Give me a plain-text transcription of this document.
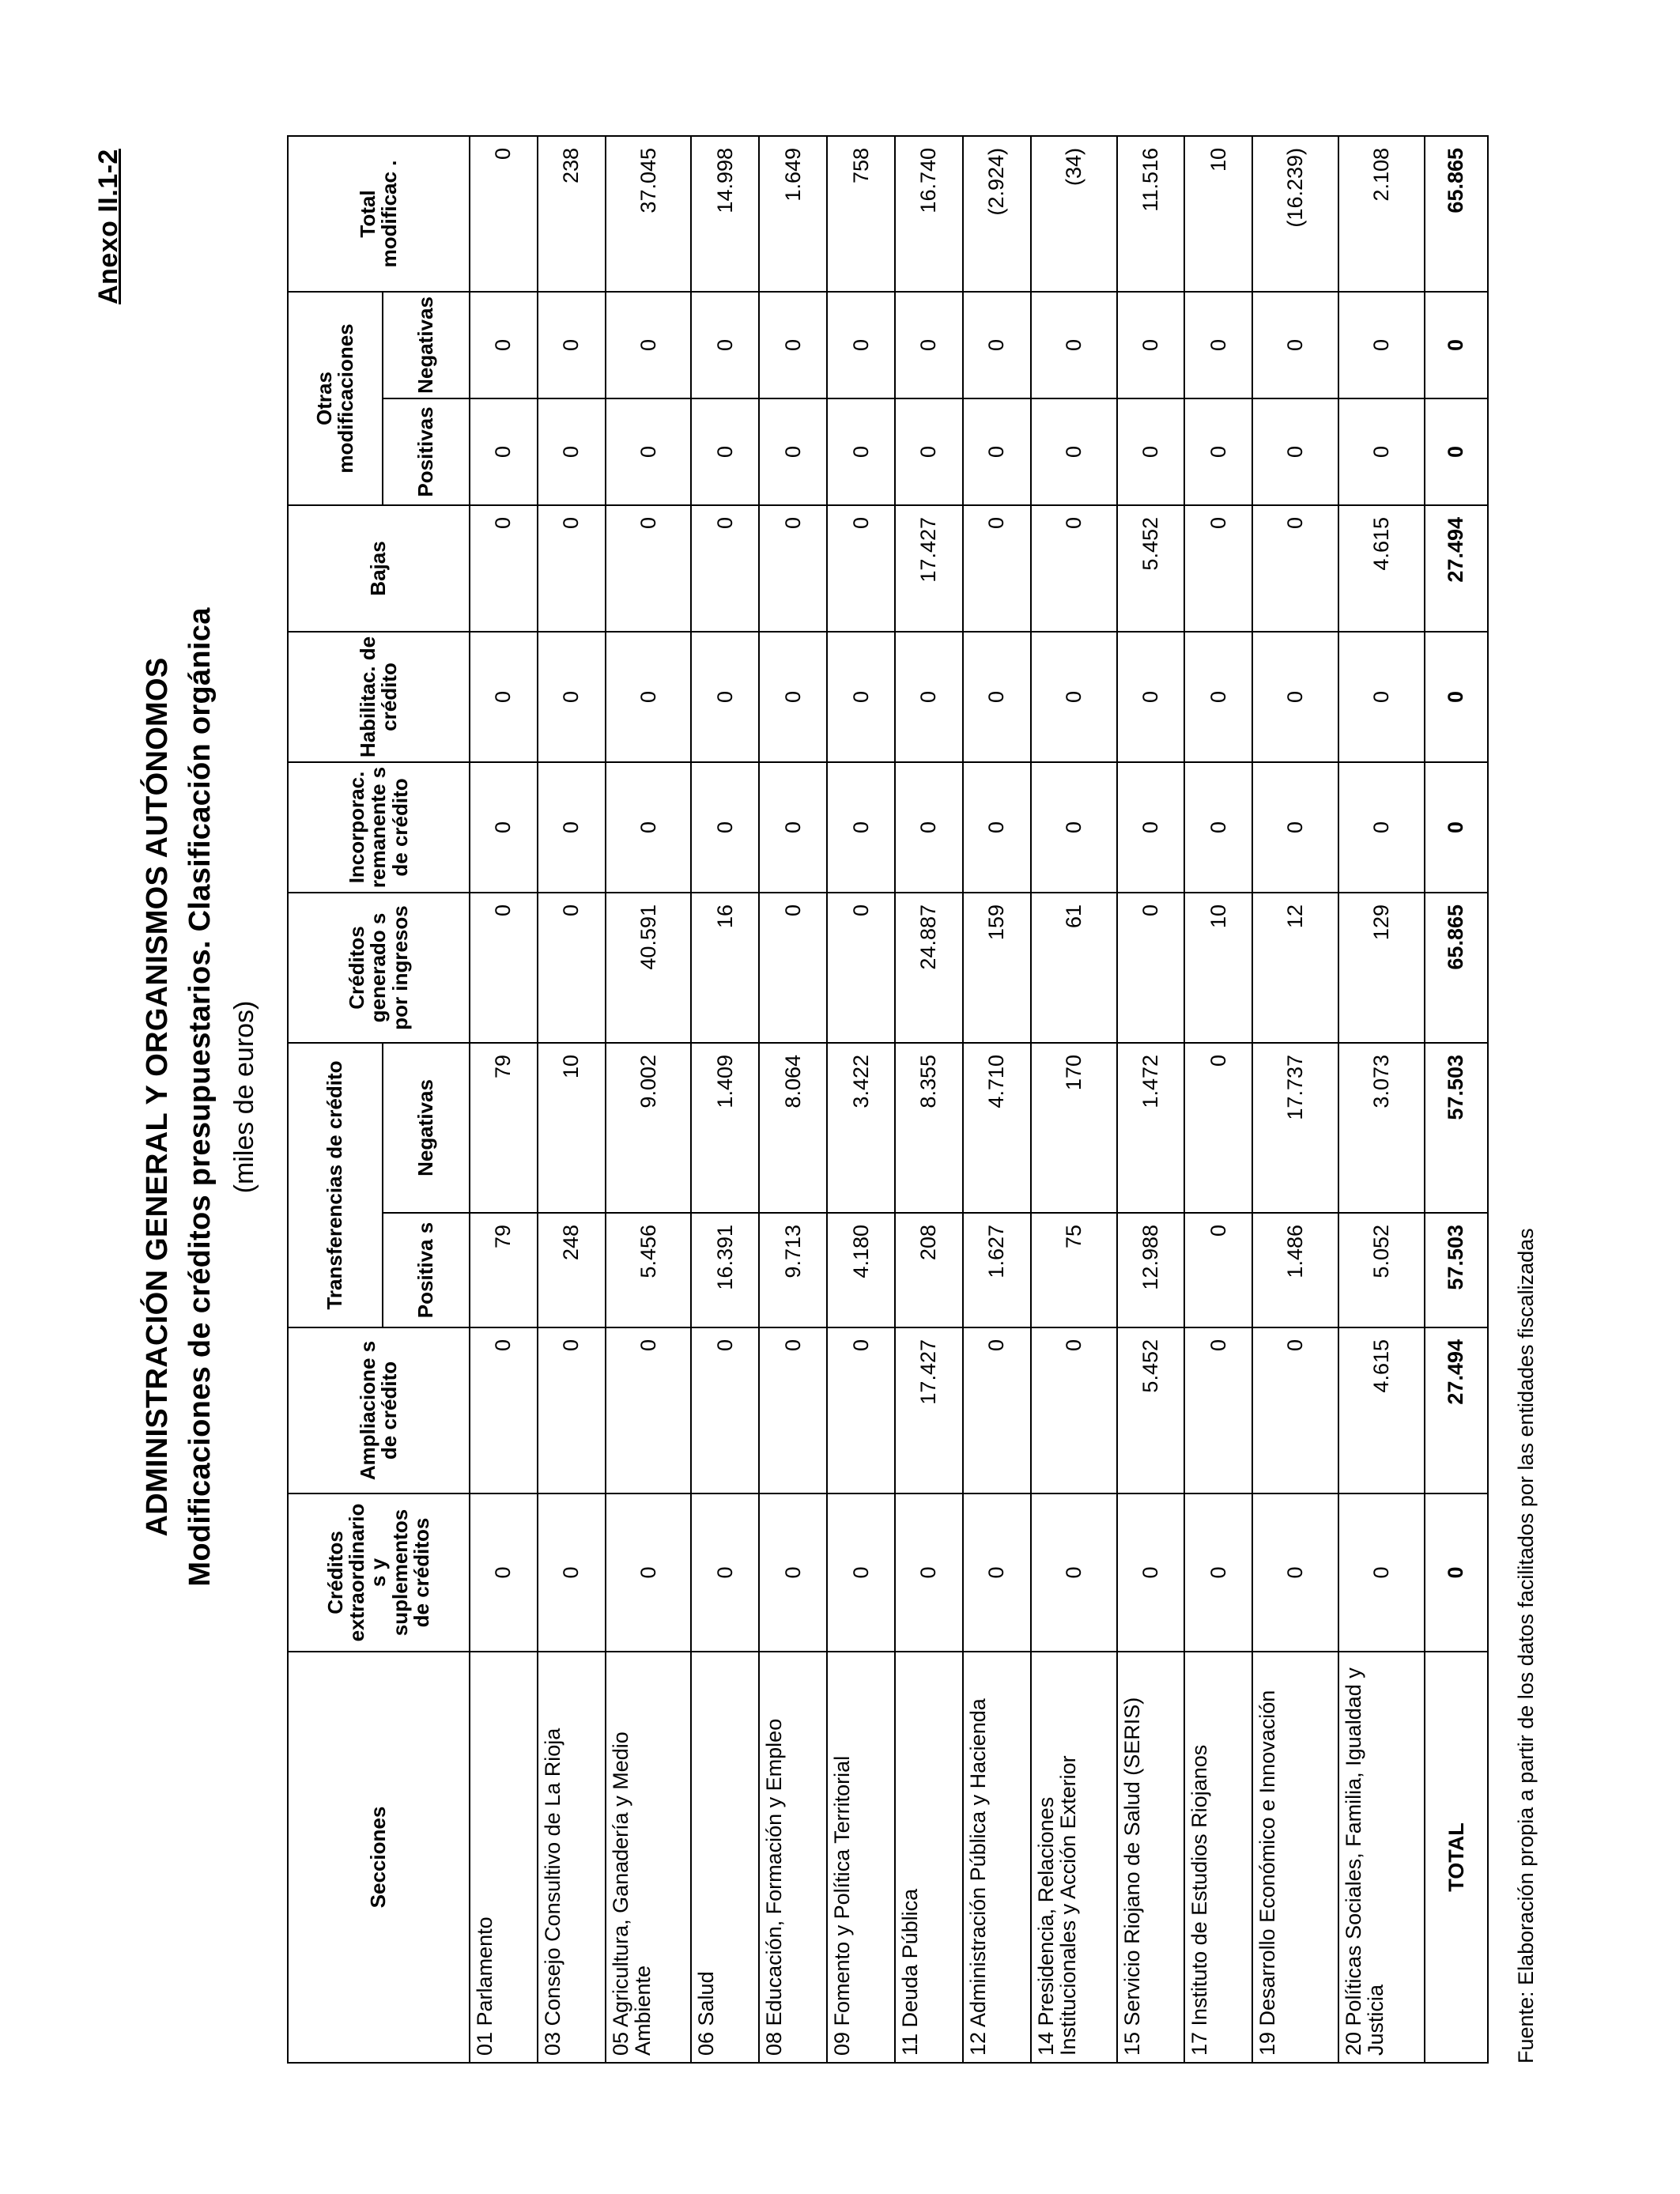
Anexo II.1-2
ADMINISTRACIÓN GENERAL Y ORGANISMOS AUTÓNOMOS Modificaciones de créditos presupuestarios. Clasificación orgánica (miles de euros)
Secciones	Créditos extraordinario s y suplementos de créditos	Ampliacione s de crédito	Transferencias de crédito		Créditos generado s por ingresos	Incorporac. remanente s de crédito	Habilitac. de crédito	Bajas	Otras modificaciones		Total modificac .
			Positiva s	Negativas					Positivas	Negativas	
01 Parlamento	0	0	79	79	0	0	0	0	0	0	0
03 Consejo Consultivo de La Rioja	0	0	248	10	0	0	0	0	0	0	238
05 Agricultura, Ganadería y Medio Ambiente	0	0	5.456	9.002	40.591	0	0	0	0	0	37.045
06 Salud	0	0	16.391	1.409	16	0	0	0	0	0	14.998
08 Educación, Formación y Empleo	0	0	9.713	8.064	0	0	0	0	0	0	1.649
09 Fomento y Política Territorial	0	0	4.180	3.422	0	0	0	0	0	0	758
11 Deuda Pública	0	17.427	208	8.355	24.887	0	0	17.427	0	0	16.740
12 Administración Pública y Hacienda	0	0	1.627	4.710	159	0	0	0	0	0	(2.924)
14 Presidencia, Relaciones Institucionales y Acción Exterior	0	0	75	170	61	0	0	0	0	0	(34)
15 Servicio Riojano de Salud (SERIS)	0	5.452	12.988	1.472	0	0	0	5.452	0	0	11.516
17 Instituto de Estudios Riojanos	0	0	0	0	10	0	0	0	0	0	10
19 Desarrollo Económico e Innovación	0	0	1.486	17.737	12	0	0	0	0	0	(16.239)
20 Políticas Sociales, Familia, Igualdad y Justicia	0	4.615	5.052	3.073	129	0	0	4.615	0	0	2.108
TOTAL	0	27.494	57.503	57.503	65.865	0	0	27.494	0	0	65.865
Fuente: Elaboración propia a partir de los datos facilitados por las entidades fiscalizadas
